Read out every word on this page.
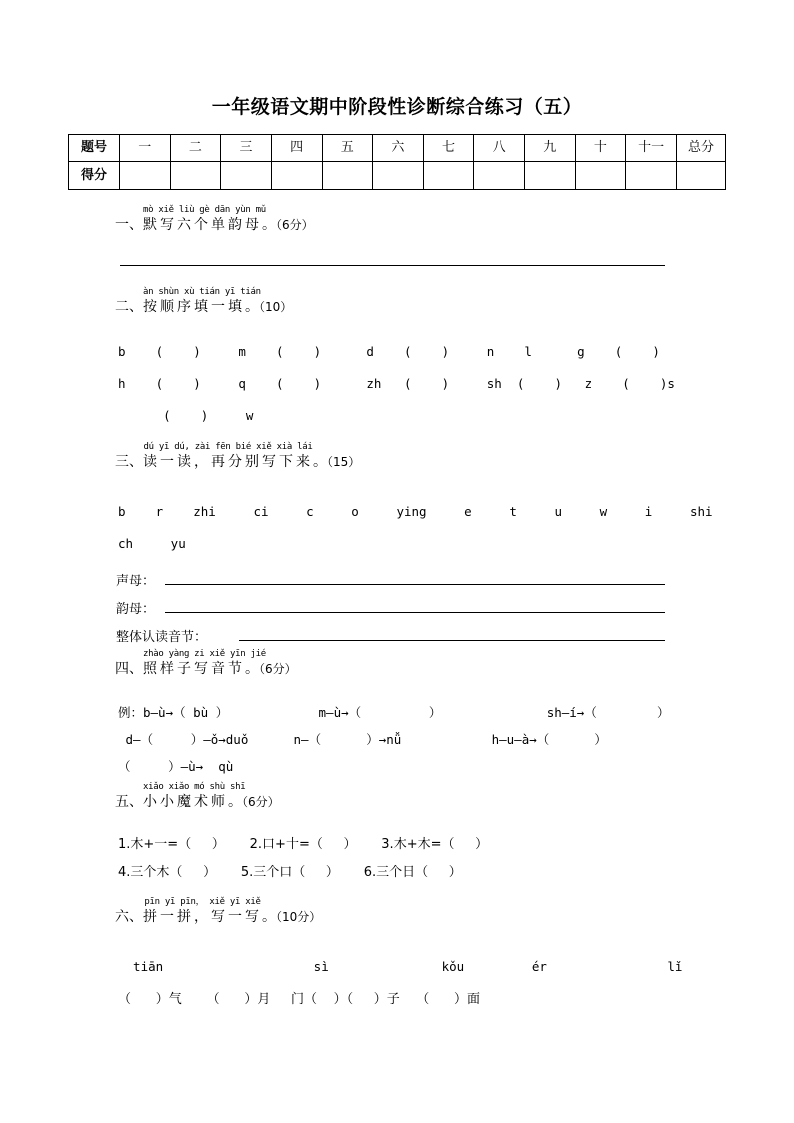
一年级语文期中阶段性诊断综合练习（五）
题号	一	二	三	四	五	六	七	八	九	十	十一	总分
得分												
一、
mò xiě liù gè dān yùn mǔ
默写六个单韵母。（6分）
二、
àn shùn xù tián yī tián
按顺序填一填。（10）
b    (    )     m    (    )      d    (    )     n    l      g    (    )
h    (    )     q    (    )      zh   (    )     sh  (    )   z    (    )s
(    )     w
三、
dú yī dú, zài fēn bié xiě xià lái
读一读，再分别写下来。（15）
b    r    zhi     ci     c     o     ying     e     t     u     w     i     shi
ch     yu
声母：
韵母：
整体认读音节：
四、
zhào yàng zi xiě yīn jié
照样子写音节。（6分）
例：b—ù→（ bù ）            m—ù→（         ）              sh—í→（        ）
d—（     ）—ǒ→duǒ      n—（      ）→nǚ            h—u—à→（      ）
（     ）—ù→  qù
五、
xiǎo xiǎo mó shù shī
小小魔术师。（6分）
1.木+一=（     ）      2.口+十=（     ）      3.木+木=（     ）
4.三个木（     ）      5.三个口（     ）      6.三个日（     ）
六、
pīn yī pīn， xiě yī xiě
拼一拼，写一写。（10分）
tiān                    sì               kǒu         ér                lǐ
（      ）气      （      ）月     门（    ）（     ）子    （      ）面
